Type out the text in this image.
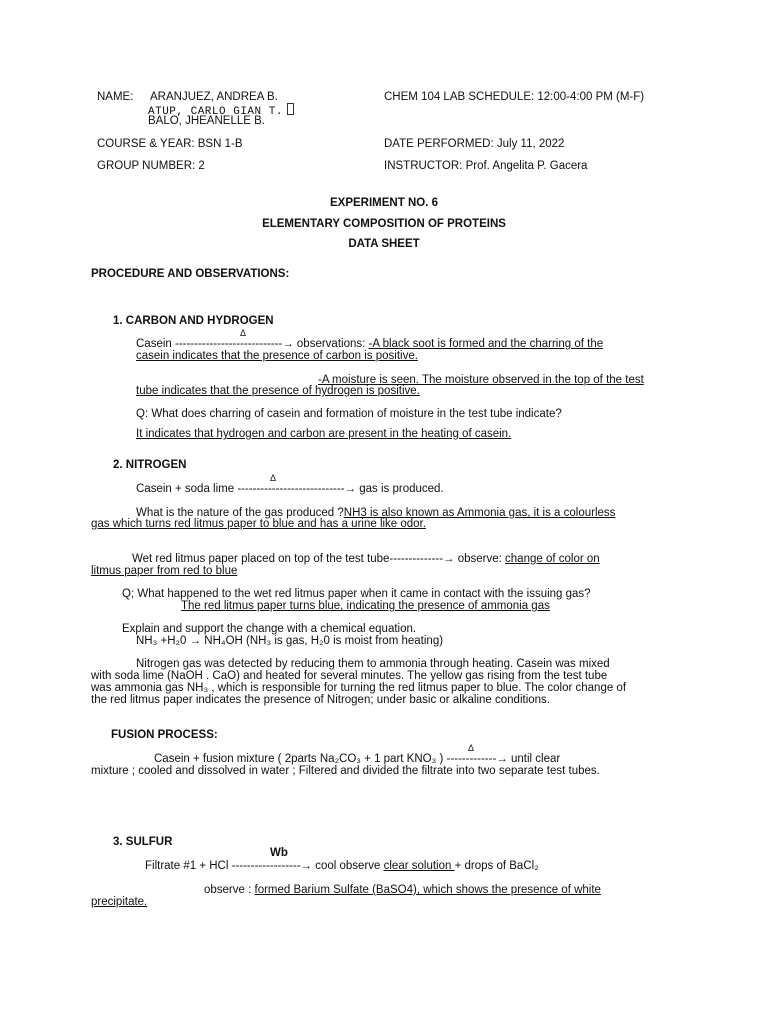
NAME: ARANJUEZ, ANDREA B.
ATUP, CARLO GIAN T.
BALO, JHEANELLE B.
CHEM 104 LAB SCHEDULE: 12:00-4:00 PM (M-F)
COURSE & YEAR: BSN 1-B	DATE PERFORMED: July 11, 2022
GROUP NUMBER: 2	INSTRUCTOR: Prof. Angelita P. Gacera
EXPERIMENT NO. 6
ELEMENTARY COMPOSITION OF PROTEINS
DATA SHEET
PROCEDURE AND OBSERVATIONS:
1. CARBON AND HYDROGEN
Δ
Casein ----------------------------→ observations: -A black soot is formed and the charring of the
casein indicates that the presence of carbon is positive.
-A moisture is seen. The moisture observed in the top of the test
tube indicates that the presence of hydrogen is positive.
Q: What does charring of casein and formation of moisture in the test tube indicate?
It indicates that hydrogen and carbon are present in the heating of casein.
2. NITROGEN
Δ
Casein + soda lime ----------------------------→ gas is produced.
What is the nature of the gas produced ?NH3 is also known as Ammonia gas, it is a colourless
gas which turns red litmus paper to blue and has a urine like odor.
Wet red litmus paper placed on top of the test tube--------------→ observe: change of color on
litmus paper from red to blue
Q; What happened to the wet red litmus paper when it came in contact with the issuing gas?
The red litmus paper turns blue, indicating the presence of ammonia gas
Explain and support the change with a chemical equation.
NH₃ +H₂0 → NH₄OH (NH₃ is gas, H₂0 is moist from heating)
Nitrogen gas was detected by reducing them to ammonia through heating. Casein was mixed
with soda lime (NaOH . CaO) and heated for several minutes. The yellow gas rising from the test tube
was ammonia gas NH₃ , which is responsible for turning the red litmus paper to blue. The color change of
the red litmus paper indicates the presence of Nitrogen; under basic or alkaline conditions.
FUSION PROCESS:
Δ
Casein + fusion mixture ( 2parts Na₂CO₃ + 1 part KNO₃ ) -------------→ until clear
mixture ; cooled and dissolved in water ; Filtered and divided the filtrate into two separate test tubes.
3. SULFUR
Wb
Filtrate #1 + HCl ------------------→ cool observe clear solution + drops of BaCl₂
observe : formed Barium Sulfate (BaSO4), which shows the presence of white
precipitate.
